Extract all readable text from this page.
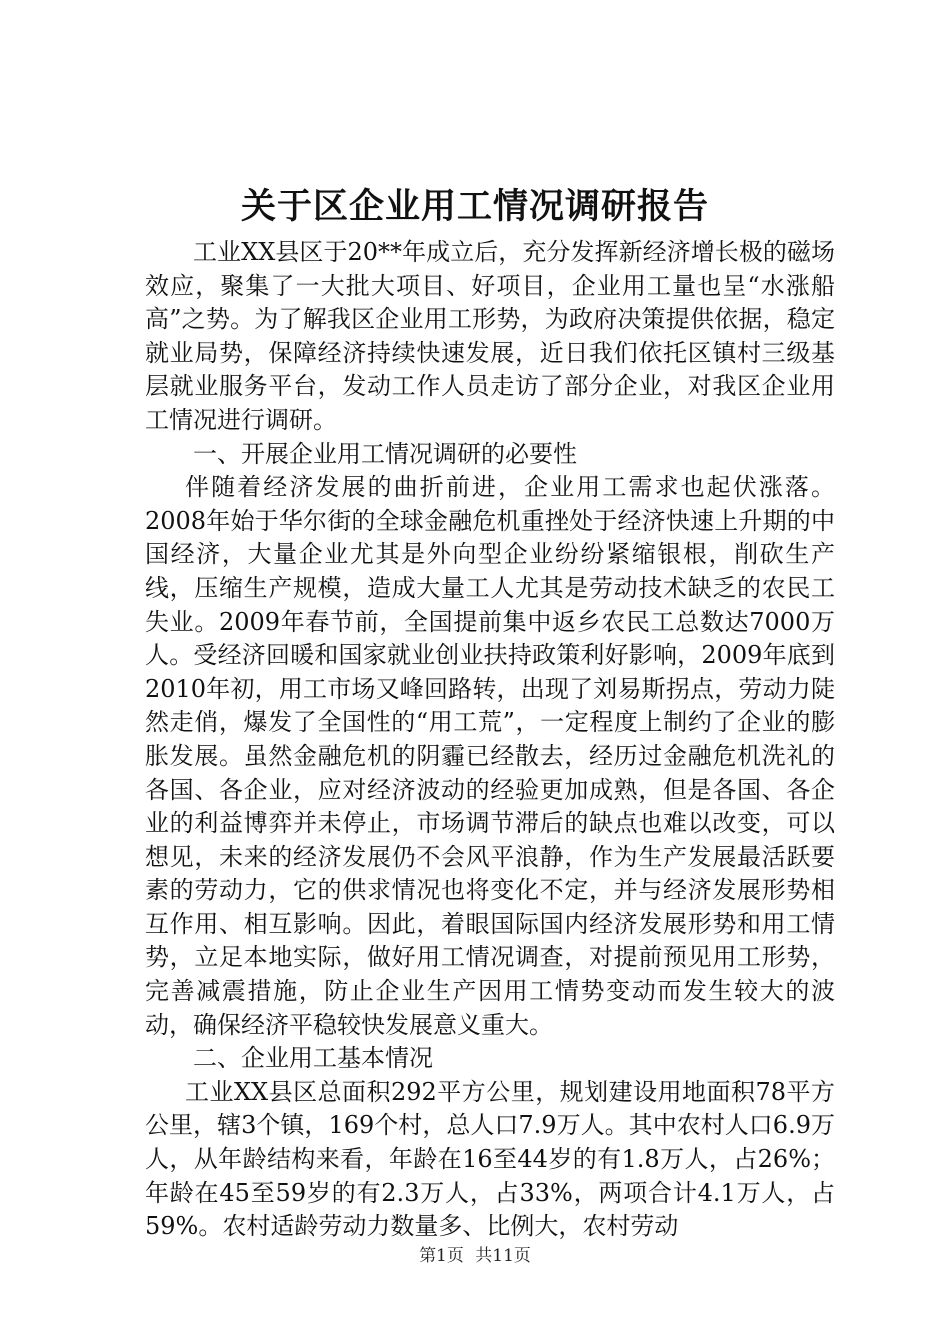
关于区企业用工情况调研报告

工业XX县区于20**年成立后，充分发挥新经济增长极的磁场效应，聚集了一大批大项目、好项目，企业用工量也呈“水涨船高”之势。为了解我区企业用工形势，为政府决策提供依据，稳定就业局势，保障经济持续快速发展，近日我们依托区镇村三级基层就业服务平台，发动工作人员走访了部分企业，对我区企业用工情况进行调研。

一、开展企业用工情况调研的必要性

伴随着经济发展的曲折前进，企业用工需求也起伏涨落。2008年始于华尔街的全球金融危机重挫处于经济快速上升期的中国经济，大量企业尤其是外向型企业纷纷紧缩银根，削砍生产线，压缩生产规模，造成大量工人尤其是劳动技术缺乏的农民工失业。2009年春节前，全国提前集中返乡农民工总数达7000万人。受经济回暖和国家就业创业扶持政策利好影响，2009年底到2010年初，用工市场又峰回路转，出现了刘易斯拐点，劳动力陡然走俏，爆发了全国性的“用工荒”，一定程度上制约了企业的膨胀发展。虽然金融危机的阴霾已经散去，经历过金融危机洗礼的各国、各企业，应对经济波动的经验更加成熟，但是各国、各企业的利益博弈并未停止，市场调节滞后的缺点也难以改变，可以想见，未来的经济发展仍不会风平浪静，作为生产发展最活跃要素的劳动力，它的供求情况也将变化不定，并与经济发展形势相互作用、相互影响。因此，着眼国际国内经济发展形势和用工情势，立足本地实际，做好用工情况调查，对提前预见用工形势，完善减震措施，防止企业生产因用工情势变动而发生较大的波动，确保经济平稳较快发展意义重大。

二、企业用工基本情况

工业XX县区总面积292平方公里，规划建设用地面积78平方公里，辖3个镇，169个村，总人口7.9万人。其中农村人口6.9万人，从年龄结构来看，年龄在16至44岁的有1.8万人，占26%；年龄在45至59岁的有2.3万人，占33%，两项合计4.1万人，占59%。农村适龄劳动力数量多、比例大，农村劳动

第1页 共11页
